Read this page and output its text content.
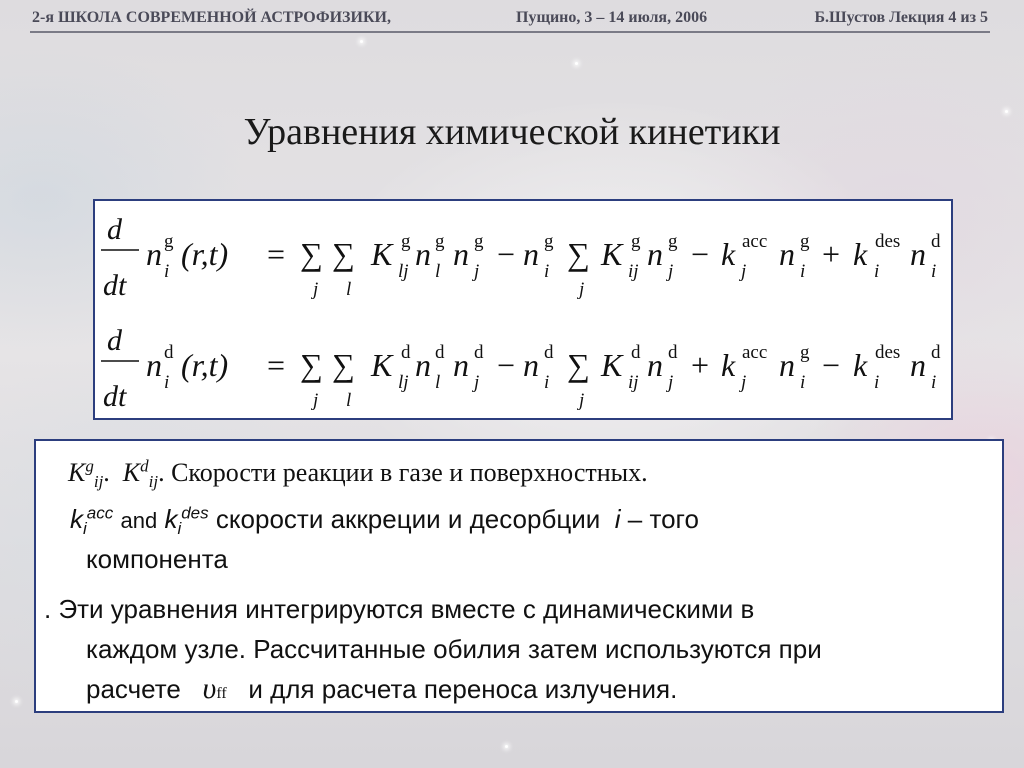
2-я ШКОЛА СОВРЕМЕННОЙ АСТРОФИЗИКИ,	Пущино, 3 – 14 июля, 2006	Б.Шустов Лекция 4 из 5
Уравнения химической кинетики
d
dt
n g
i (r,t) = ∑
j
∑
l
K g
lj n g
l n g
j − n g
i ∑
j
K g
ij n g
j − k acc
j n g
i + k des
i n d
i
d
dt
n d
i (r,t) = ∑
j
∑
l
K d
lj n d
l n d
j − n d
i ∑
j
K d
ij n d
j + k acc
j n g
i − k des
i n d
i
$K^g_{ij}$. $K^d_{ij}$. Скорости реакции в газе и поверхностных.
$k_i^{acc}$ and $k_i^{des}$ скорости аккреции и десорбции i – того
компонента
. Эти уравнения интегрируются вместе с динамическими в
каждом узле. Рассчитанные обилия затем используются при
расчете υff и для расчета переноса излучения.
